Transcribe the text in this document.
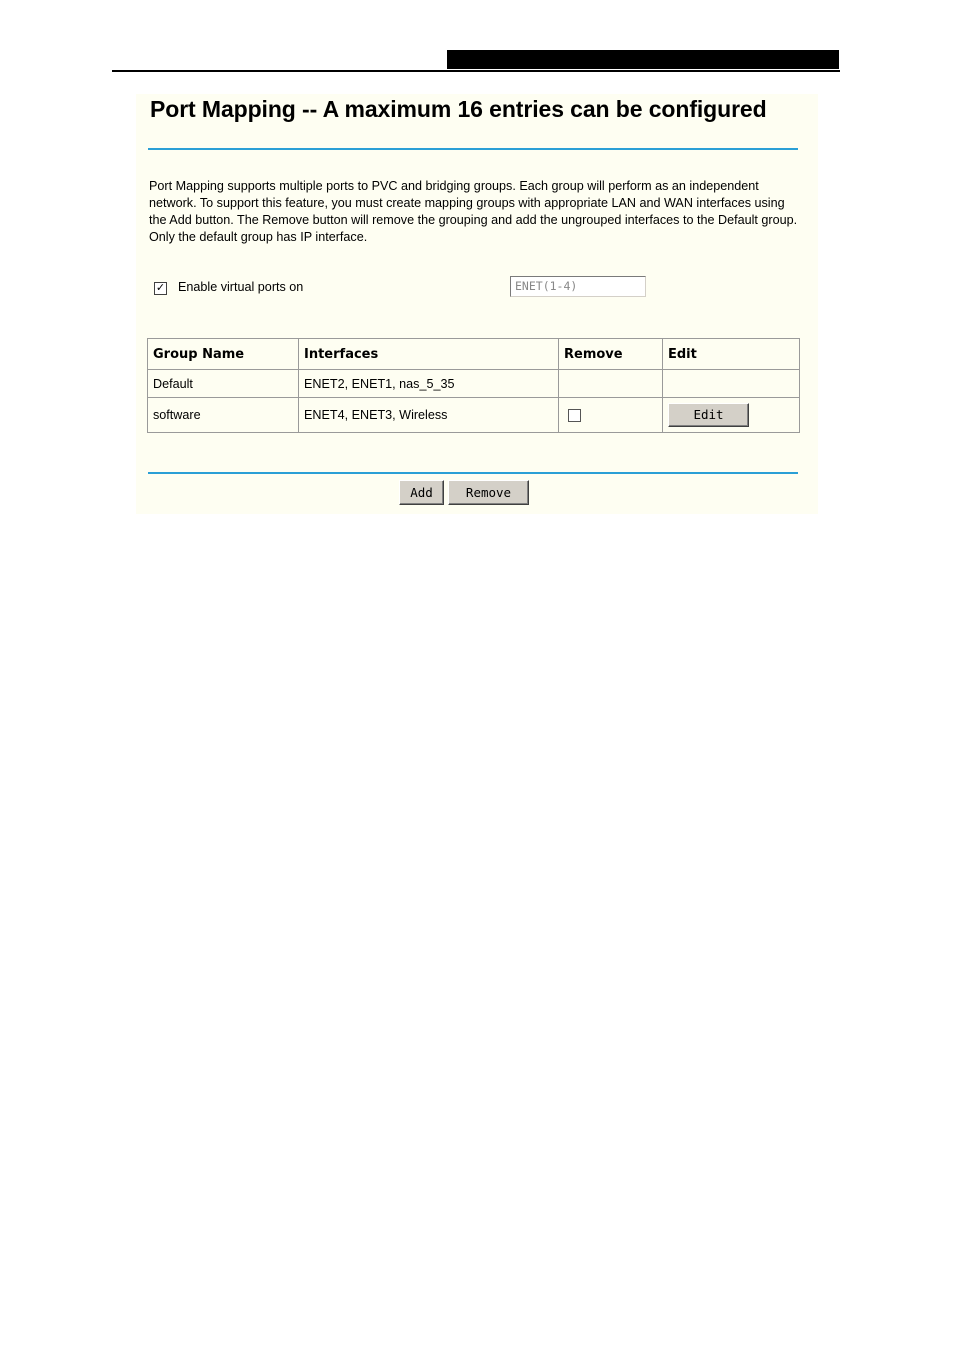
Port Mapping -- A maximum 16 entries can be configured

Port Mapping supports multiple ports to PVC and bridging groups. Each group will perform as an independent network. To support this feature, you must create mapping groups with appropriate LAN and WAN interfaces using the Add button. The Remove button will remove the grouping and add the ungrouped interfaces to the Default group. Only the default group has IP interface.

✓ Enable virtual ports on	ENET(1-4)
Group Name	Interfaces	Remove	Edit
Default	ENET2, ENET1, nas_5_35		
software	ENET4, ENET3, Wireless		Edit
Add	Remove
